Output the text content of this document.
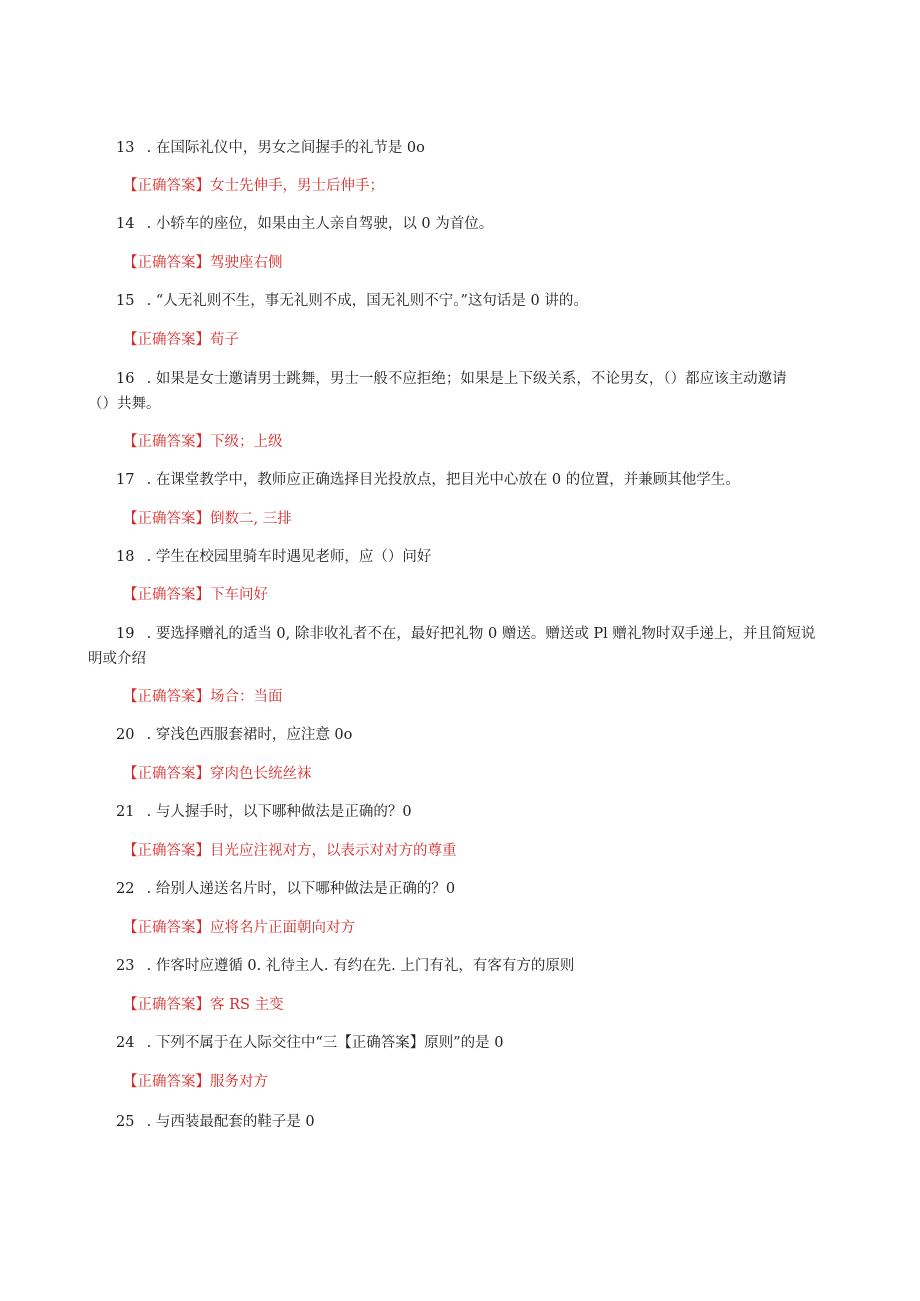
13 . 在国际礼仪中，男女之间握手的礼节是 0o
【正确答案】女士先伸手，男士后伸手；
14 . 小轿车的座位，如果由主人亲自驾驶，以 0 为首位。
【正确答案】驾驶座右侧
15 . “人无礼则不生，事无礼则不成，国无礼则不宁。”这句话是 0 讲的。
【正确答案】荀子
16 . 如果是女士邀请男士跳舞，男士一般不应拒绝；如果是上下级关系，不论男女，（）都应该主动邀请
（）共舞。
【正确答案】下级；上级
17 . 在课堂教学中，教师应正确选择目光投放点，把目光中心放在 0 的位置，并兼顾其他学生。
【正确答案】倒数二, 三排
18 . 学生在校园里骑车时遇见老师，应（）问好
【正确答案】下车问好
19 . 要选择赠礼的适当 0, 除非收礼者不在，最好把礼物 0 赠送。赠送或 Pl 赠礼物时双手递上，并且简短说
明或介绍
【正确答案】场合：当面
20 . 穿浅色西服套裙时，应注意 0o
【正确答案】穿肉色长统丝袜
21 . 与人握手时，以下哪种做法是正确的？0
【正确答案】目光应注视对方，以表示对对方的尊重
22 . 给别人递送名片时，以下哪种做法是正确的？0
【正确答案】应将名片正面朝向对方
23 . 作客时应遵循 0. 礼待主人. 有约在先. 上门有礼，有客有方的原则
【正确答案】客 RS 主变
24 . 下列不属于在人际交往中“三【正确答案】原则”的是 0
【正确答案】服务对方
25 . 与西装最配套的鞋子是 0
